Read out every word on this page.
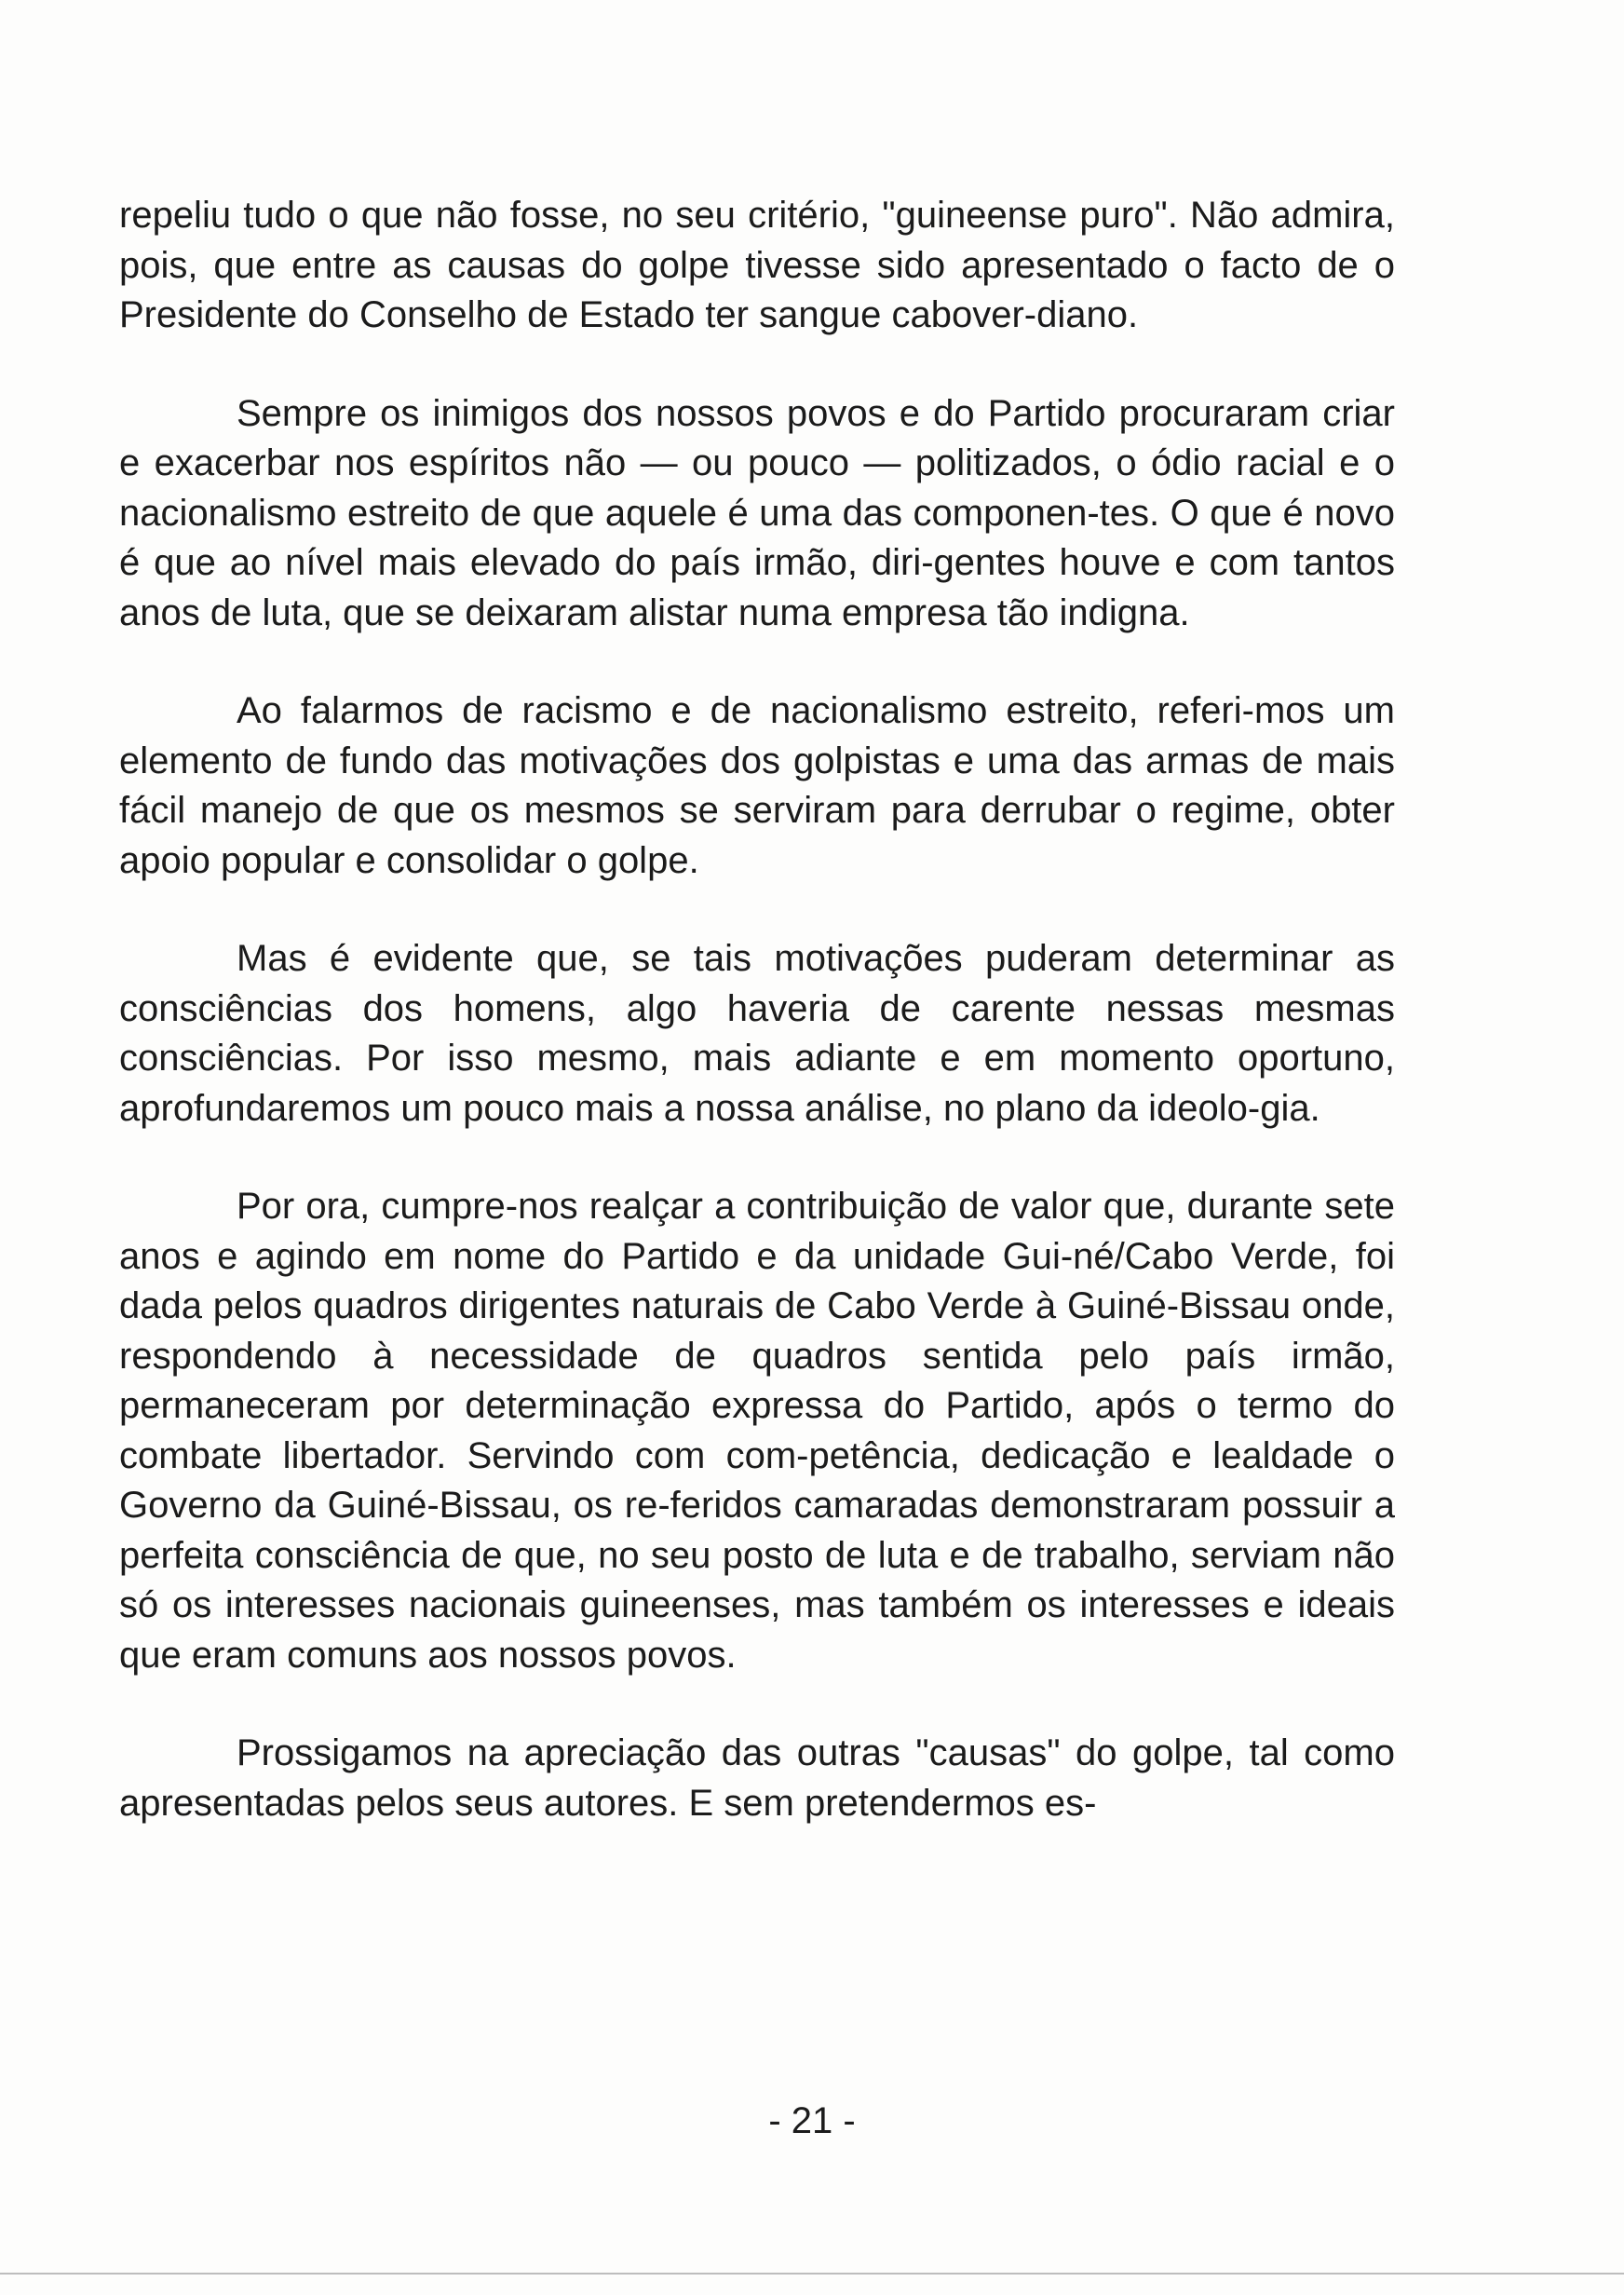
repeliu tudo o que não fosse, no seu critério, "guineense puro". Não admira, pois, que entre as causas do golpe tivesse sido apresentado o facto de o Presidente do Conselho de Estado ter sangue cabover-diano.

Sempre os inimigos dos nossos povos e do Partido procuraram criar e exacerbar nos espíritos não — ou pouco — politizados, o ódio racial e o nacionalismo estreito de que aquele é uma das componen-tes. O que é novo é que ao nível mais elevado do país irmão, diri-gentes houve e com tantos anos de luta, que se deixaram alistar numa empresa tão indigna.

Ao falarmos de racismo e de nacionalismo estreito, referi-mos um elemento de fundo das motivações dos golpistas e uma das armas de mais fácil manejo de que os mesmos se serviram para derrubar o regime, obter apoio popular e consolidar o golpe.

Mas é evidente que, se tais motivações puderam determinar as consciências dos homens, algo haveria de carente nessas mesmas consciências. Por isso mesmo, mais adiante e em momento oportuno, aprofundaremos um pouco mais a nossa análise, no plano da ideolo-gia.

Por ora, cumpre-nos realçar a contribuição de valor que, durante sete anos e agindo em nome do Partido e da unidade Gui-né/Cabo Verde, foi dada pelos quadros dirigentes naturais de Cabo Verde à Guiné-Bissau onde, respondendo à necessidade de quadros sentida pelo país irmão, permaneceram por determinação expressa do Partido, após o termo do combate libertador. Servindo com com-petência, dedicação e lealdade o Governo da Guiné-Bissau, os re-feridos camaradas demonstraram possuir a perfeita consciência de que, no seu posto de luta e de trabalho, serviam não só os interesses nacionais guineenses, mas também os interesses e ideais que eram comuns aos nossos povos.

Prossigamos na apreciação das outras "causas" do golpe, tal como apresentadas pelos seus autores. E sem pretendermos es-

- 21 -
